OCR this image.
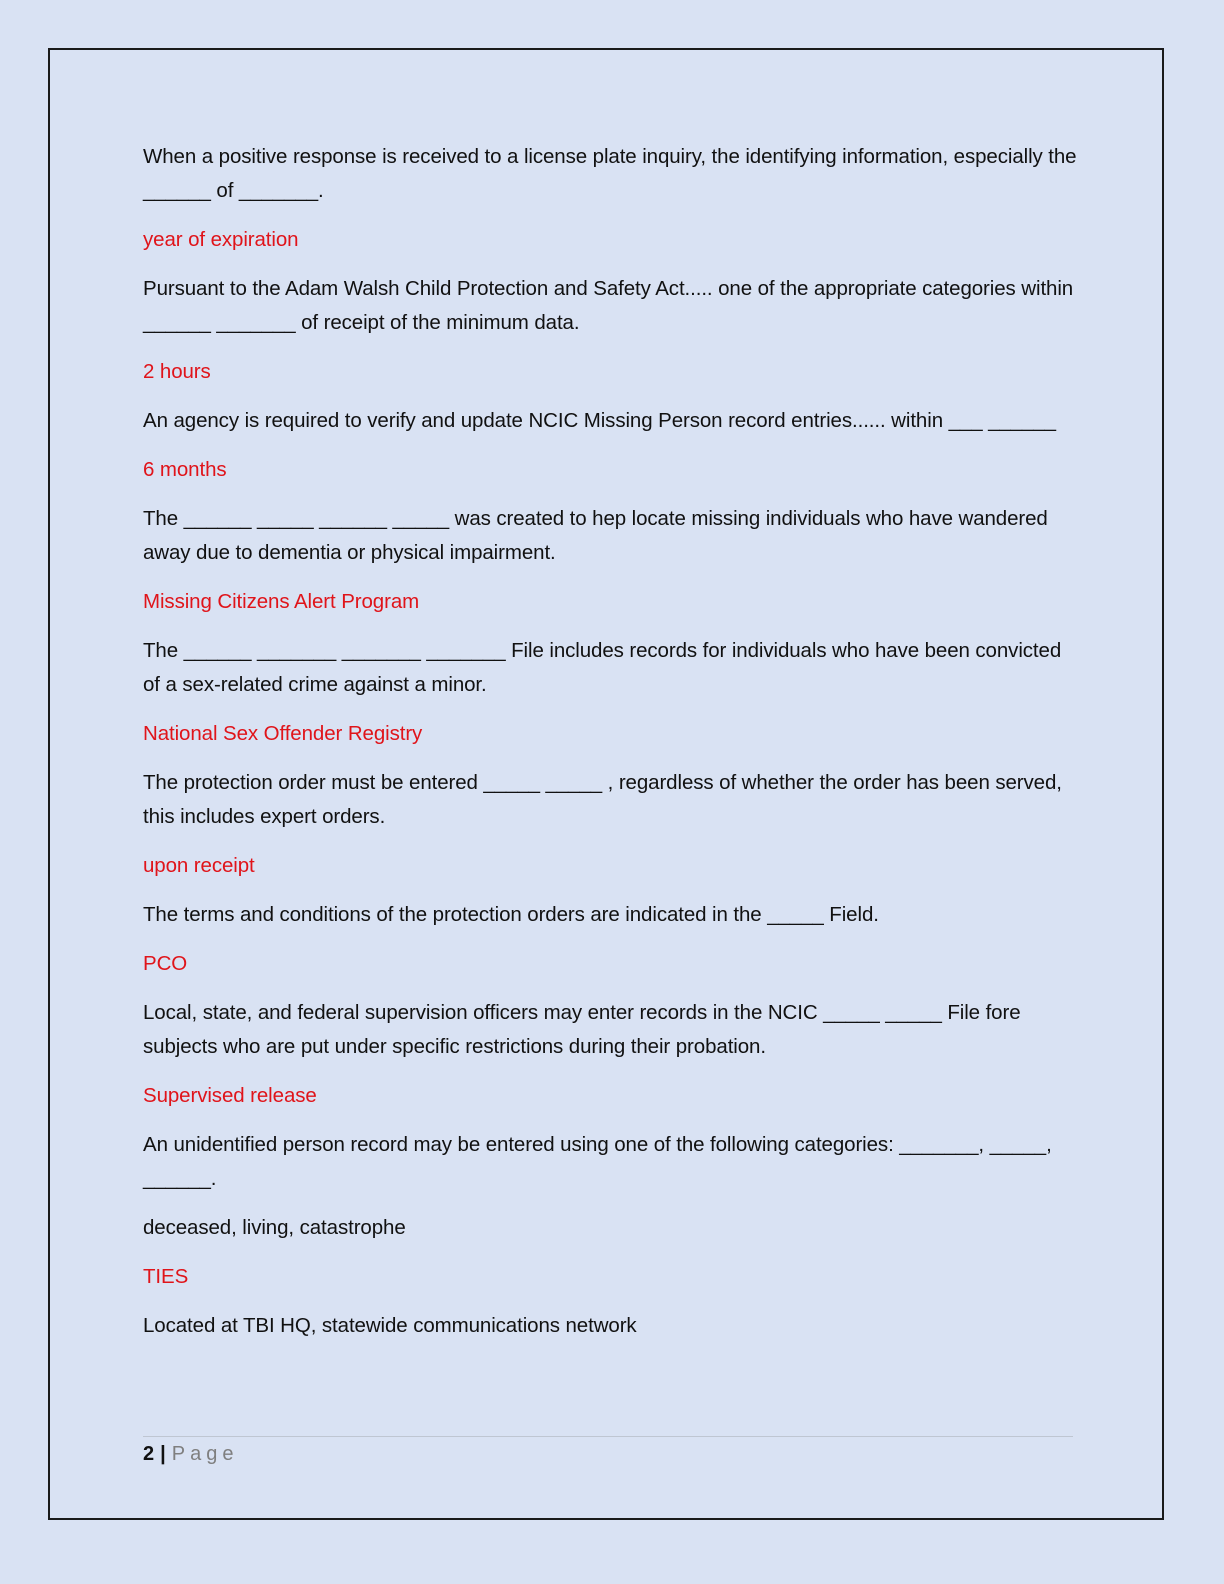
When a positive response is received to a license plate inquiry, the identifying information, especially the ______ of _______.

year of expiration

Pursuant to the Adam Walsh Child Protection and Safety Act..... one of the appropriate categories within ______ _______ of receipt of the minimum data.

2 hours

An agency is required to verify and update NCIC Missing Person record entries...... within ___ ______

6 months

The ______ _____ ______ _____ was created to hep locate missing individuals who have wandered away due to dementia or physical impairment.

Missing Citizens Alert Program

The ______ _______ _______ _______ File includes records for individuals who have been convicted of a sex-related crime against a minor.

National Sex Offender Registry

The protection order must be entered _____ _____ , regardless of whether the order has been served, this includes expert orders.

upon receipt

The terms and conditions of the protection orders are indicated in the _____ Field.

PCO

Local, state, and federal supervision officers may enter records in the NCIC _____ _____ File fore subjects who are put under specific restrictions during their probation.

Supervised release

An unidentified person record may be entered using one of the following categories: _______, _____, ______.

deceased, living, catastrophe

TIES

Located at TBI HQ, statewide communications network

2 | Page
